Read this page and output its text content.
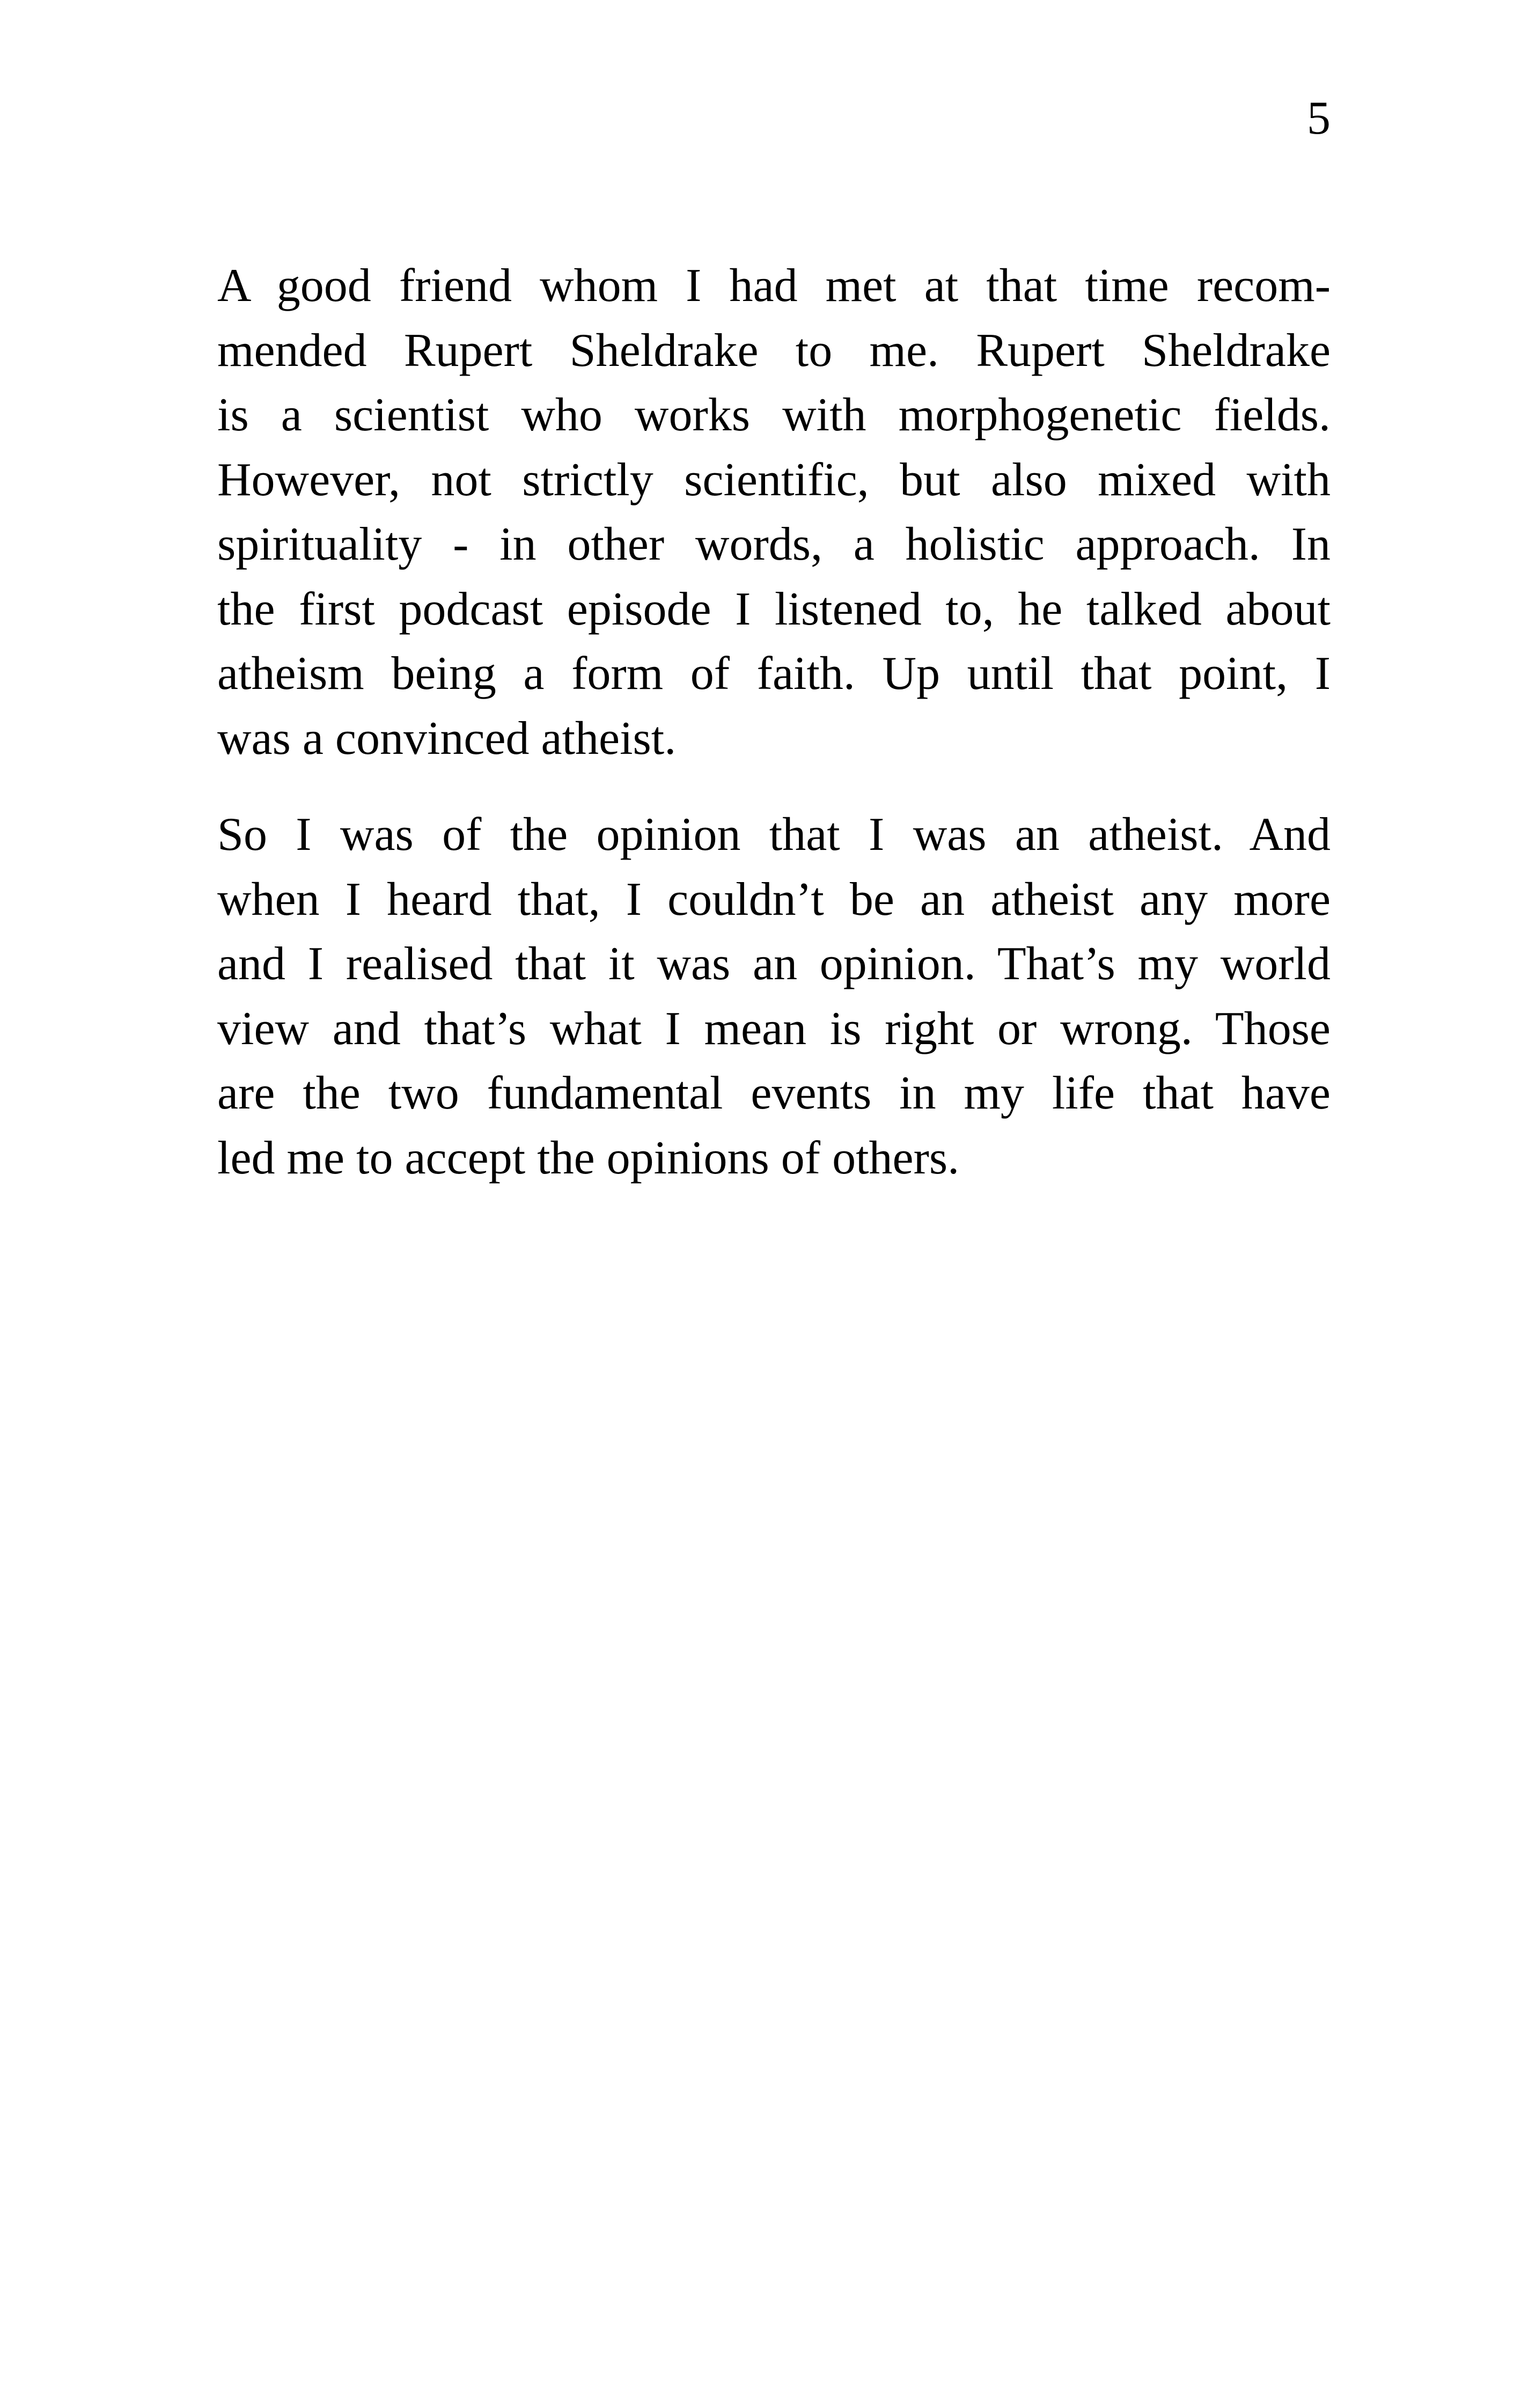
5
A good friend whom I had met at that time recom-
mended Rupert Sheldrake to me. Rupert Sheldrake
is a scientist who works with morphogenetic fields.
However, not strictly scientific, but also mixed with
spirituality - in other words, a holistic approach. In
the first podcast episode I listened to, he talked about
atheism being a form of faith. Up until that point, I
was a convinced atheist.
So I was of the opinion that I was an atheist. And
when I heard that, I couldn’t be an atheist any more
and I realised that it was an opinion. That’s my world
view and that’s what I mean is right or wrong. Those
are the two fundamental events in my life that have
led me to accept the opinions of others.
